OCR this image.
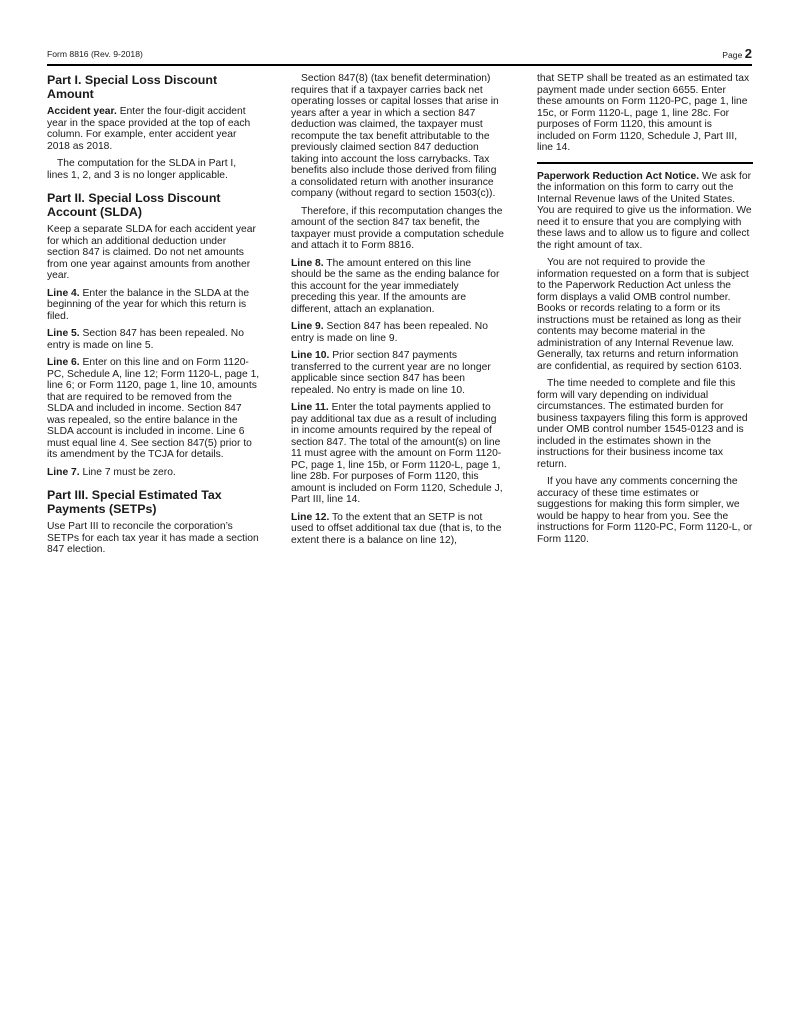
Form 8816 (Rev. 9-2018)	Page 2
Part I. Special Loss Discount Amount

Accident year. Enter the four-digit accident year in the space provided at the top of each column. For example, enter accident year 2018 as 2018.

The computation for the SLDA in Part I, lines 1, 2, and 3 is no longer applicable.

Part II. Special Loss Discount Account (SLDA)

Keep a separate SLDA for each accident year for which an additional deduction under section 847 is claimed. Do not net amounts from one year against amounts from another year.

Line 4. Enter the balance in the SLDA at the beginning of the year for which this return is filed.

Line 5. Section 847 has been repealed. No entry is made on line 5.

Line 6. Enter on this line and on Form 1120-PC, Schedule A, line 12; Form 1120-L, page 1, line 6; or Form 1120, page 1, line 10, amounts that are required to be removed from the SLDA and included in income. Section 847 was repealed, so the entire balance in the SLDA account is included in income. Line 6 must equal line 4. See section 847(5) prior to its amendment by the TCJA for details.

Line 7. Line 7 must be zero.

Part III. Special Estimated Tax Payments (SETPs)

Use Part III to reconcile the corporation’s SETPs for each tax year it has made a section 847 election.

Section 847(8) (tax benefit determination) requires that if a taxpayer carries back net operating losses or capital losses that arise in years after a year in which a section 847 deduction was claimed, the taxpayer must recompute the tax benefit attributable to the previously claimed section 847 deduction taking into account the loss carrybacks. Tax benefits also include those derived from filing a consolidated return with another insurance company (without regard to section 1503(c)).

Therefore, if this recomputation changes the amount of the section 847 tax benefit, the taxpayer must provide a computation schedule and attach it to Form 8816.

Line 8. The amount entered on this line should be the same as the ending balance for this account for the year immediately preceding this year. If the amounts are different, attach an explanation.

Line 9. Section 847 has been repealed. No entry is made on line 9.

Line 10. Prior section 847 payments transferred to the current year are no longer applicable since section 847 has been repealed. No entry is made on line 10.

Line 11. Enter the total payments applied to pay additional tax due as a result of including in income amounts required by the repeal of section 847. The total of the amount(s) on line 11 must agree with the amount on Form 1120-PC, page 1, line 15b, or Form 1120-L, page 1, line 28b. For purposes of Form 1120, this amount is included on Form 1120, Schedule J, Part III, line 14.

Line 12. To the extent that an SETP is not used to offset additional tax due (that is, to the extent there is a balance on line 12),

that SETP shall be treated as an estimated tax payment made under section 6655. Enter these amounts on Form 1120-PC, page 1, line 15c, or Form 1120-L, page 1, line 28c. For purposes of Form 1120, this amount is included on Form 1120, Schedule J, Part III, line 14.

Paperwork Reduction Act Notice. We ask for the information on this form to carry out the Internal Revenue laws of the United States. You are required to give us the information. We need it to ensure that you are complying with these laws and to allow us to figure and collect the right amount of tax.

You are not required to provide the information requested on a form that is subject to the Paperwork Reduction Act unless the form displays a valid OMB control number. Books or records relating to a form or its instructions must be retained as long as their contents may become material in the administration of any Internal Revenue law. Generally, tax returns and return information are confidential, as required by section 6103.

The time needed to complete and file this form will vary depending on individual circumstances. The estimated burden for business taxpayers filing this form is approved under OMB control number 1545-0123 and is included in the estimates shown in the instructions for their business income tax return.

If you have any comments concerning the accuracy of these time estimates or suggestions for making this form simpler, we would be happy to hear from you. See the instructions for Form 1120-PC, Form 1120-L, or Form 1120.
